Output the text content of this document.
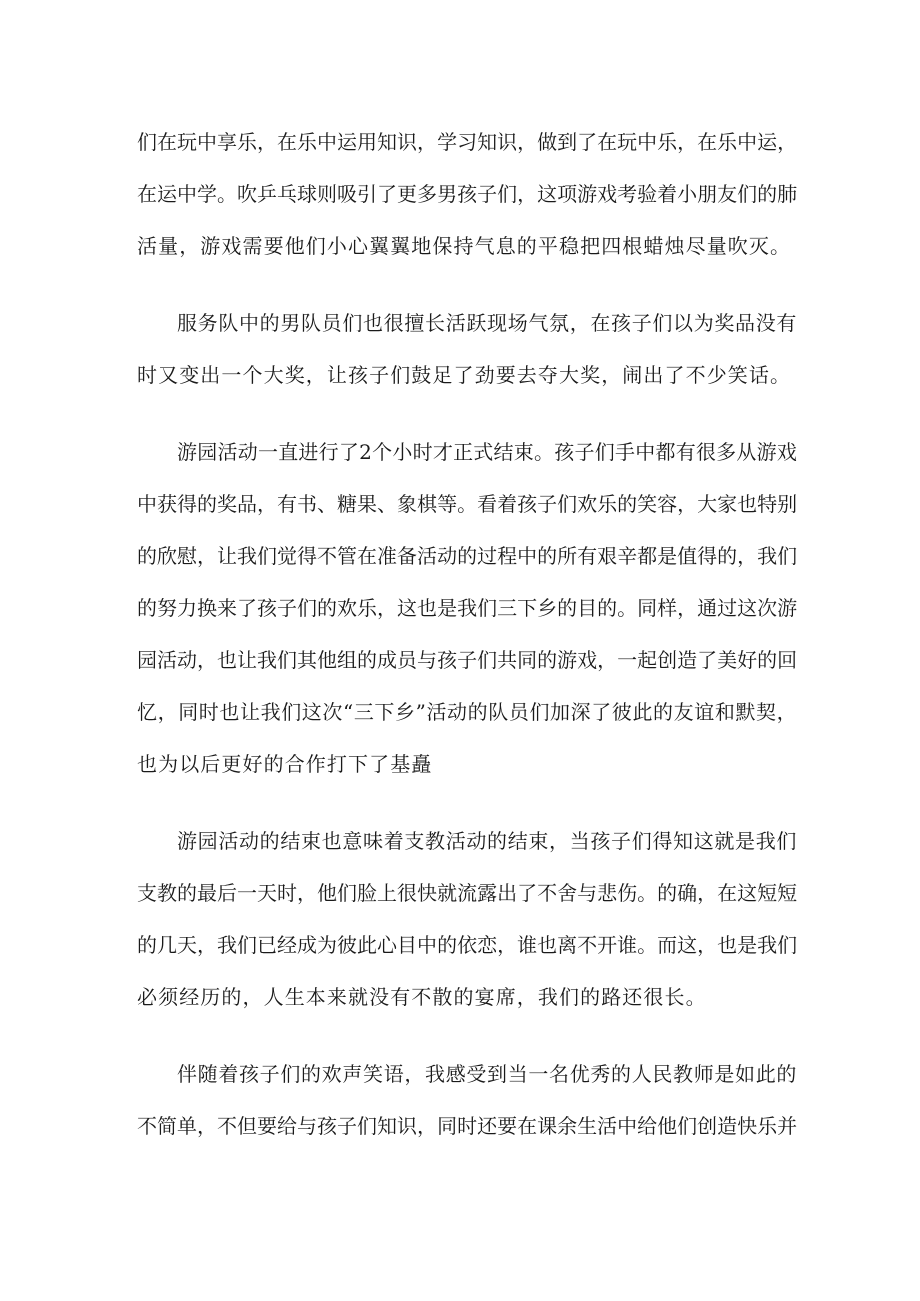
们在玩中享乐，在乐中运用知识，学习知识，做到了在玩中乐，在乐中运，
在运中学。吹乒乓球则吸引了更多男孩子们，这项游戏考验着小朋友们的肺
活量，游戏需要他们小心翼翼地保持气息的平稳把四根蜡烛尽量吹灭。
服务队中的男队员们也很擅长活跃现场气氛，在孩子们以为奖品没有
时又变出一个大奖，让孩子们鼓足了劲要去夺大奖，闹出了不少笑话。
游园活动一直进行了2个小时才正式结束。孩子们手中都有很多从游戏
中获得的奖品，有书、糖果、象棋等。看着孩子们欢乐的笑容，大家也特别
的欣慰，让我们觉得不管在准备活动的过程中的所有艰辛都是值得的，我们
的努力换来了孩子们的欢乐，这也是我们三下乡的目的。同样，通过这次游
园活动，也让我们其他组的成员与孩子们共同的游戏，一起创造了美好的回
忆，同时也让我们这次“三下乡”活动的队员们加深了彼此的友谊和默契，
也为以后更好的合作打下了基矗
游园活动的结束也意味着支教活动的结束，当孩子们得知这就是我们
支教的最后一天时，他们脸上很快就流露出了不舍与悲伤。的确，在这短短
的几天，我们已经成为彼此心目中的依恋，谁也离不开谁。而这，也是我们
必须经历的，人生本来就没有不散的宴席，我们的路还很长。
伴随着孩子们的欢声笑语，我感受到当一名优秀的人民教师是如此的
不简单，不但要给与孩子们知识，同时还要在课余生活中给他们创造快乐并
